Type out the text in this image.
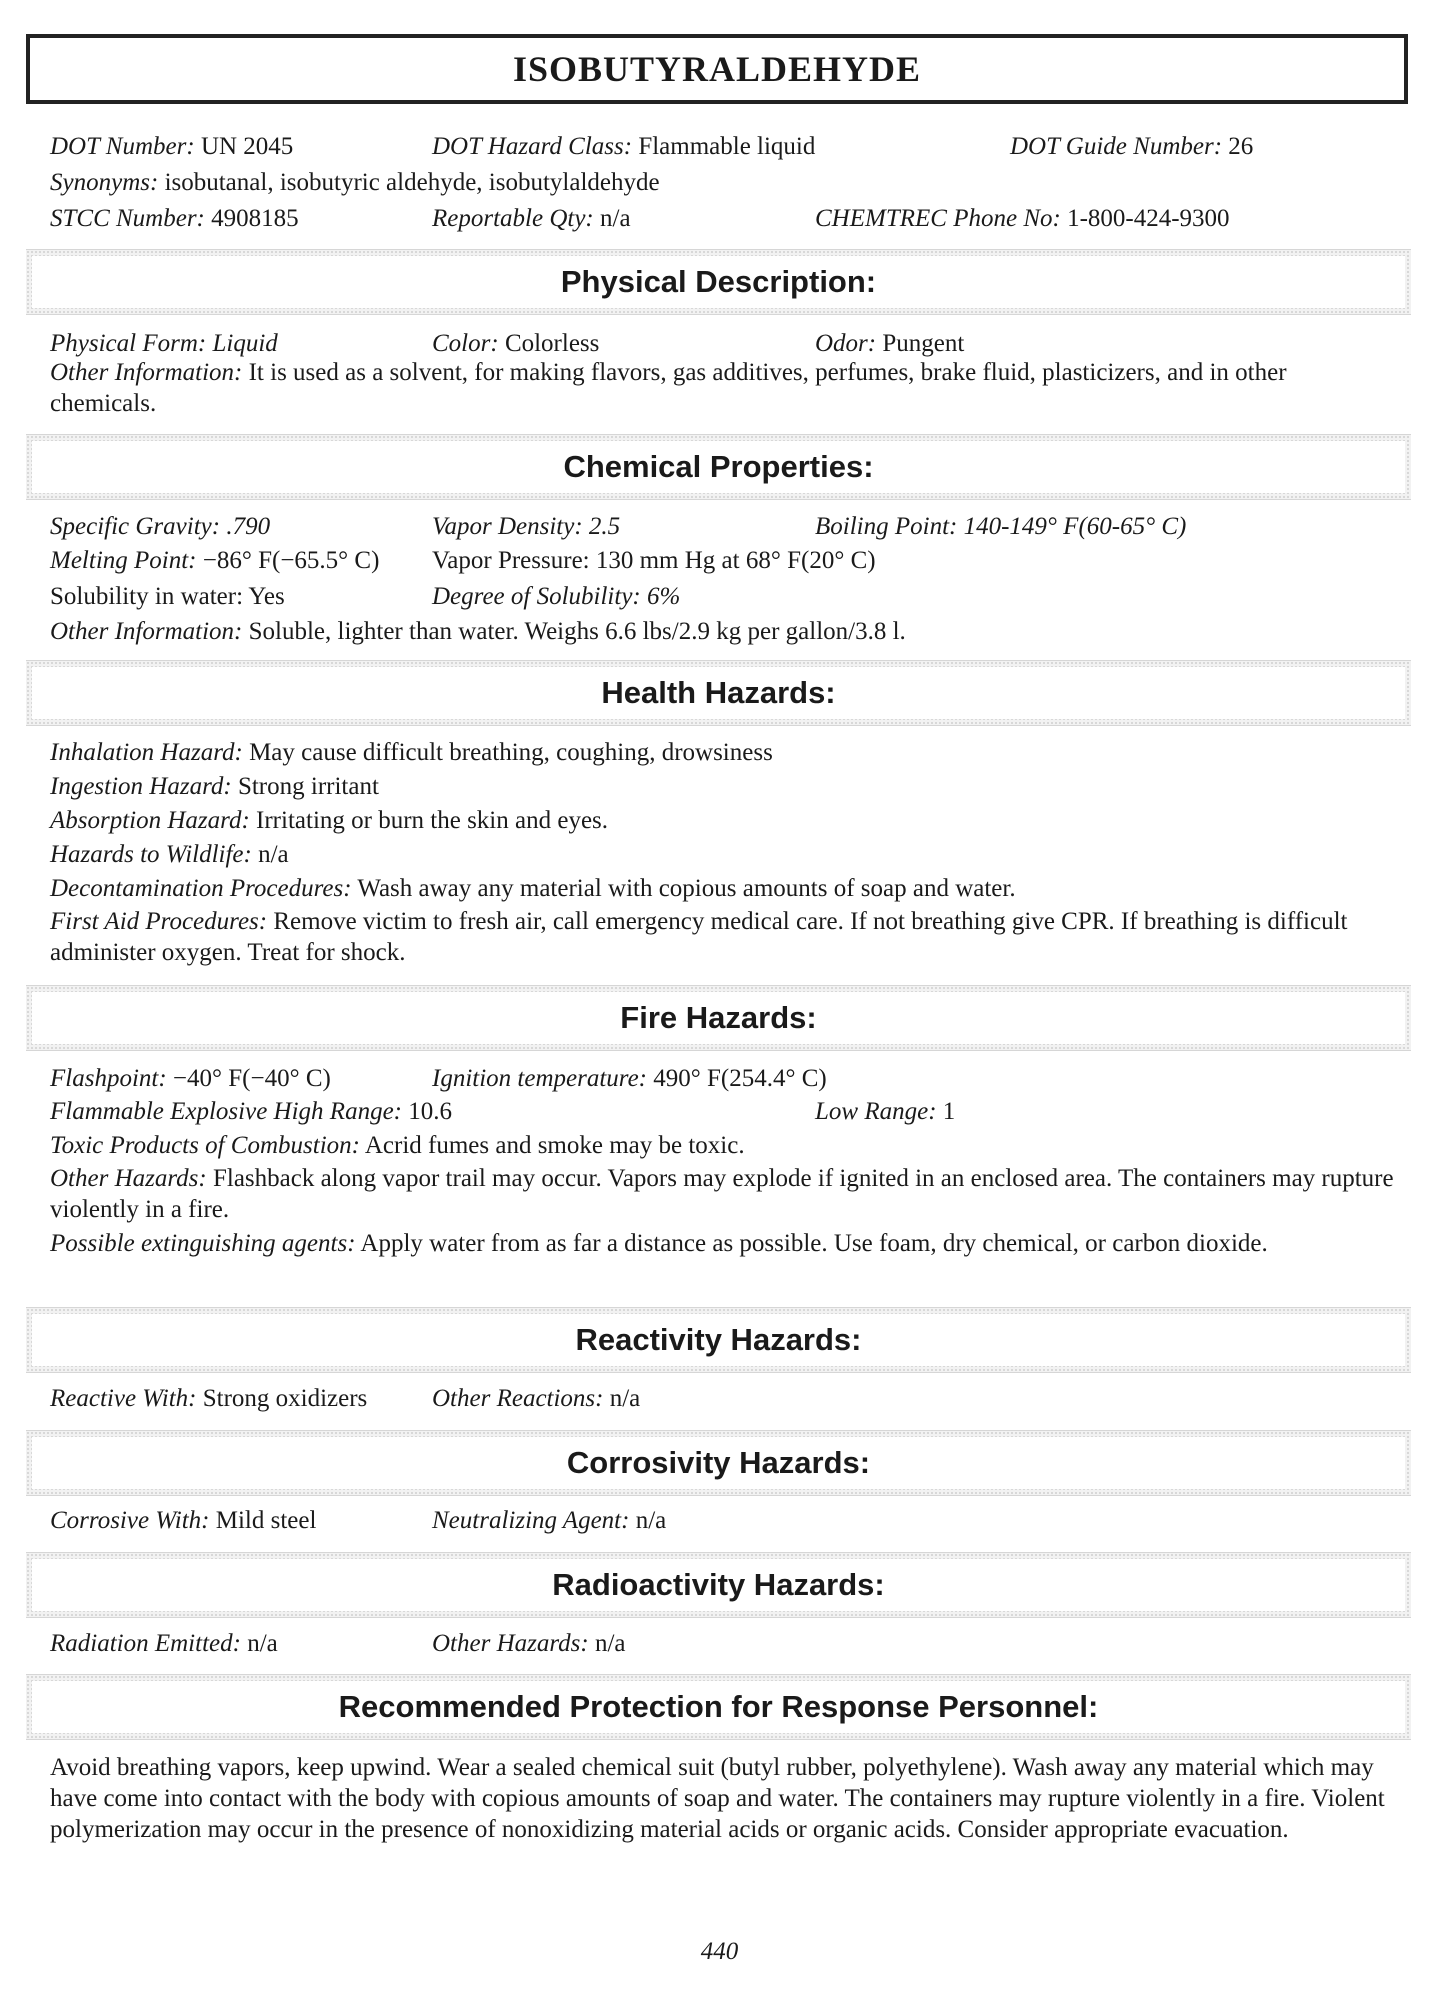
ISOBUTYRALDEHYDE
DOT Number: UN 2045	DOT Hazard Class: Flammable liquid	DOT Guide Number: 26
Synonyms: isobutanal, isobutyric aldehyde, isobutylaldehyde
STCC Number: 4908185	Reportable Qty: n/a	CHEMTREC Phone No: 1-800-424-9300
Physical Description:
Physical Form: Liquid	Color: Colorless	Odor: Pungent
Other Information: It is used as a solvent, for making flavors, gas additives, perfumes, brake fluid, plasticizers, and in other chemicals.
Chemical Properties:
Specific Gravity: .790	Vapor Density: 2.5	Boiling Point: 140-149° F(60-65° C)
Melting Point: −86° F(−65.5° C) Vapor Pressure: 130 mm Hg at 68° F(20° C)
Solubility in water: Yes	Degree of Solubility: 6%
Other Information: Soluble, lighter than water. Weighs 6.6 lbs/2.9 kg per gallon/3.8 l.
Health Hazards:
Inhalation Hazard: May cause difficult breathing, coughing, drowsiness
Ingestion Hazard: Strong irritant
Absorption Hazard: Irritating or burn the skin and eyes.
Hazards to Wildlife: n/a
Decontamination Procedures: Wash away any material with copious amounts of soap and water.
First Aid Procedures: Remove victim to fresh air, call emergency medical care. If not breathing give CPR. If breathing is difficult administer oxygen. Treat for shock.
Fire Hazards:
Flashpoint: −40° F(−40° C)	Ignition temperature: 490° F(254.4° C)
Flammable Explosive High Range: 10.6	Low Range: 1
Toxic Products of Combustion: Acrid fumes and smoke may be toxic.
Other Hazards: Flashback along vapor trail may occur. Vapors may explode if ignited in an enclosed area. The containers may rupture violently in a fire.
Possible extinguishing agents: Apply water from as far a distance as possible. Use foam, dry chemical, or carbon dioxide.
Reactivity Hazards:
Reactive With: Strong oxidizers	Other Reactions: n/a
Corrosivity Hazards:
Corrosive With: Mild steel	Neutralizing Agent: n/a
Radioactivity Hazards:
Radiation Emitted: n/a	Other Hazards: n/a
Recommended Protection for Response Personnel:
Avoid breathing vapors, keep upwind. Wear a sealed chemical suit (butyl rubber, polyethylene). Wash away any material which may have come into contact with the body with copious amounts of soap and water. The containers may rupture violently in a fire. Violent polymerization may occur in the presence of nonoxidizing material acids or organic acids. Consider appropriate evacuation.
440
